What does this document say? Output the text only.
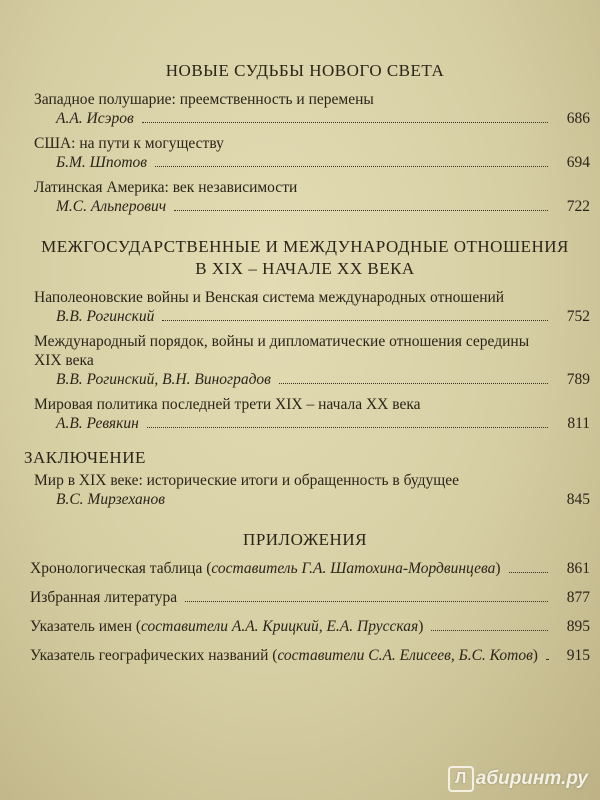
НОВЫЕ СУДЬБЫ НОВОГО СВЕТА
Западное полушарие: преемственность и перемены
А.А. Исэров	686
США: на пути к могуществу
Б.М. Шпотов	694
Латинская Америка: век независимости
М.С. Альперович	722
МЕЖГОСУДАРСТВЕННЫЕ И МЕЖДУНАРОДНЫЕ ОТНОШЕНИЯ
В XIX – НАЧАЛЕ XX ВЕКА
Наполеоновские войны и Венская система международных отношений
В.В. Рогинский	752
Международный порядок, войны и дипломатические отношения середины
XIX века
В.В. Рогинский, В.Н. Виноградов	789
Мировая политика последней трети XIX – начала XX века
А.В. Ревякин	811
ЗАКЛЮЧЕНИЕ
Мир в XIX веке: исторические итоги и обращенность в будущее
В.С. Мирзеханов	845
ПРИЛОЖЕНИЯ
Хронологическая таблица (составитель Г.А. Шатохина-Мордвинцева)	861
Избранная литература	877
Указатель имен (составители А.А. Крицкий, Е.А. Прусская)	895
Указатель географических названий (составители С.А. Елисеев, Б.С. Котов)	915
Л абиринт.ру
